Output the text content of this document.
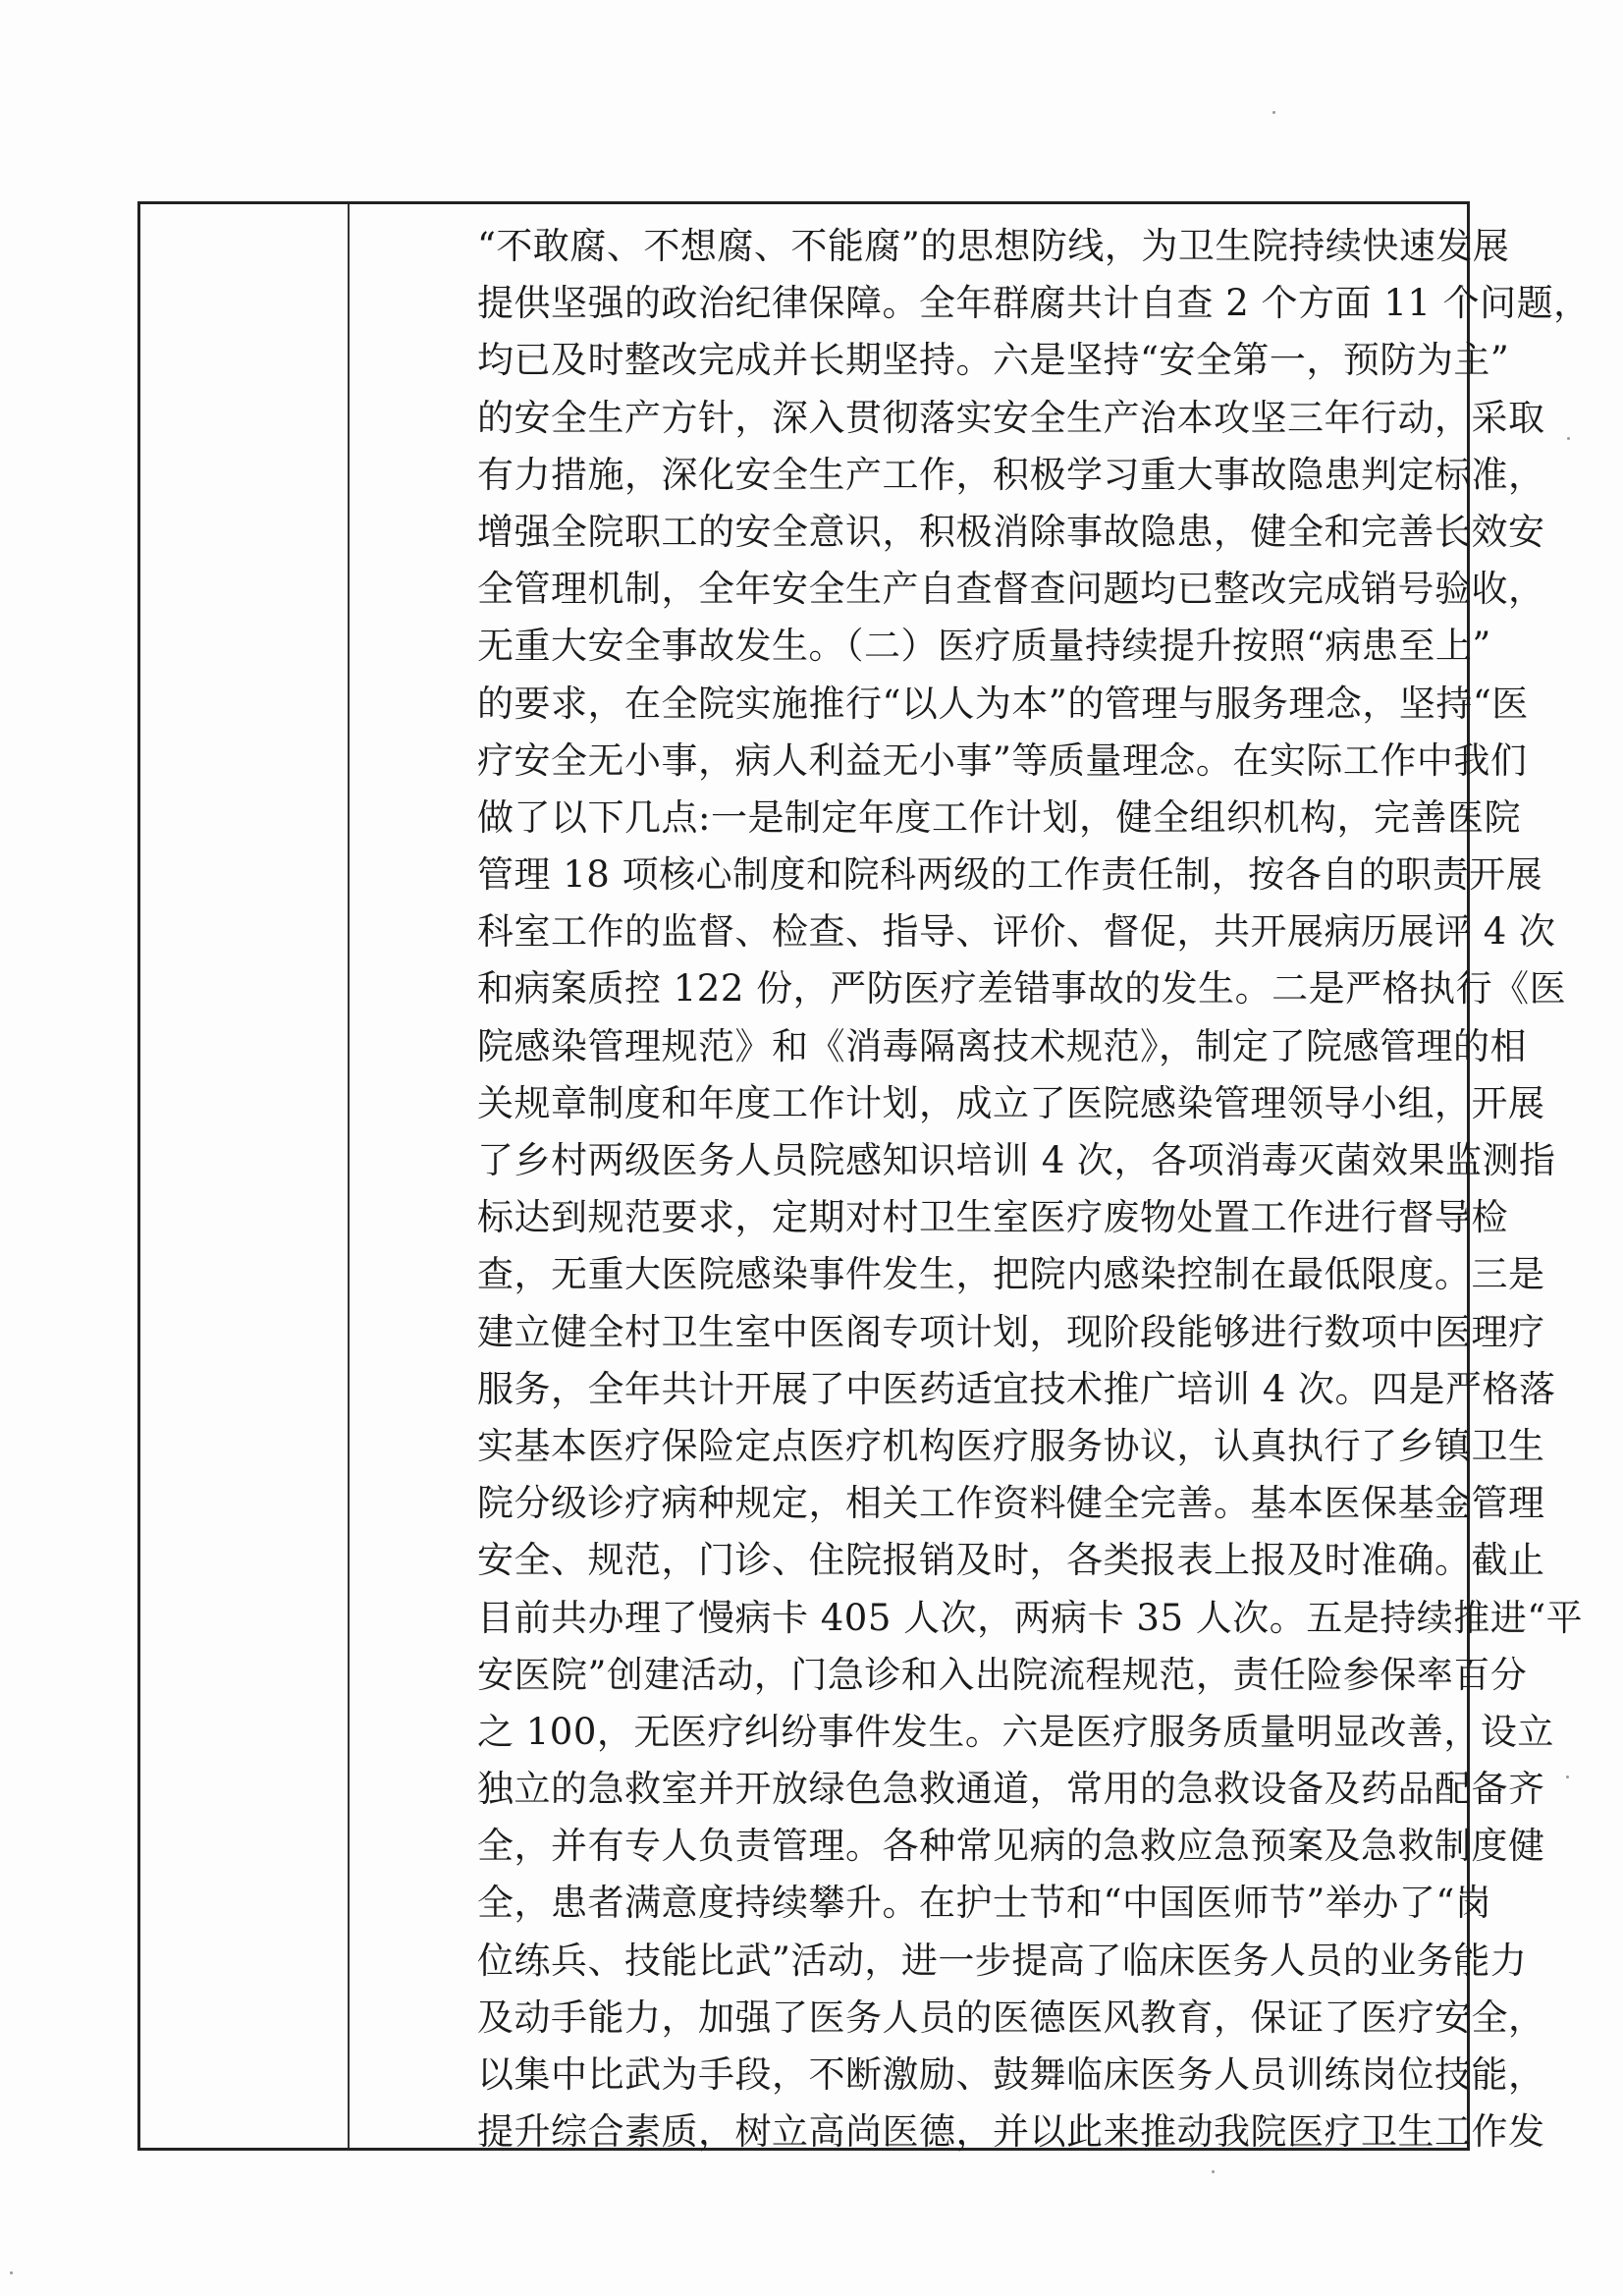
“不敢腐、不想腐、不能腐”的思想防线，为卫生院持续快速发展
提供坚强的政治纪律保障。全年群腐共计自查 2 个方面 11 个问题，
均已及时整改完成并长期坚持。六是坚持“安全第一，预防为主”
的安全生产方针，深入贯彻落实安全生产治本攻坚三年行动，采取
有力措施，深化安全生产工作，积极学习重大事故隐患判定标准，
增强全院职工的安全意识，积极消除事故隐患，健全和完善长效安
全管理机制，全年安全生产自查督查问题均已整改完成销号验收，
无重大安全事故发生。（二）医疗质量持续提升按照“病患至上”
的要求，在全院实施推行“以人为本”的管理与服务理念，坚持“医
疗安全无小事，病人利益无小事”等质量理念。在实际工作中我们
做了以下几点:一是制定年度工作计划，健全组织机构，完善医院
管理 18 项核心制度和院科两级的工作责任制，按各自的职责开展
科室工作的监督、检查、指导、评价、督促，共开展病历展评 4 次
和病案质控 122 份，严防医疗差错事故的发生。二是严格执行《医
院感染管理规范》和《消毒隔离技术规范》，制定了院感管理的相
关规章制度和年度工作计划，成立了医院感染管理领导小组，开展
了乡村两级医务人员院感知识培训 4 次，各项消毒灭菌效果监测指
标达到规范要求，定期对村卫生室医疗废物处置工作进行督导检
查，无重大医院感染事件发生，把院内感染控制在最低限度。三是
建立健全村卫生室中医阁专项计划，现阶段能够进行数项中医理疗
服务，全年共计开展了中医药适宜技术推广培训 4 次。四是严格落
实基本医疗保险定点医疗机构医疗服务协议，认真执行了乡镇卫生
院分级诊疗病种规定，相关工作资料健全完善。基本医保基金管理
安全、规范，门诊、住院报销及时，各类报表上报及时准确。截止
目前共办理了慢病卡 405 人次，两病卡 35 人次。五是持续推进“平
安医院”创建活动，门急诊和入出院流程规范，责任险参保率百分
之 100，无医疗纠纷事件发生。六是医疗服务质量明显改善，设立
独立的急救室并开放绿色急救通道，常用的急救设备及药品配备齐
全，并有专人负责管理。各种常见病的急救应急预案及急救制度健
全，患者满意度持续攀升。在护士节和“中国医师节”举办了“岗
位练兵、技能比武”活动，进一步提高了临床医务人员的业务能力
及动手能力，加强了医务人员的医德医风教育，保证了医疗安全，
以集中比武为手段，不断激励、鼓舞临床医务人员训练岗位技能，
提升综合素质，树立高尚医德，并以此来推动我院医疗卫生工作发
